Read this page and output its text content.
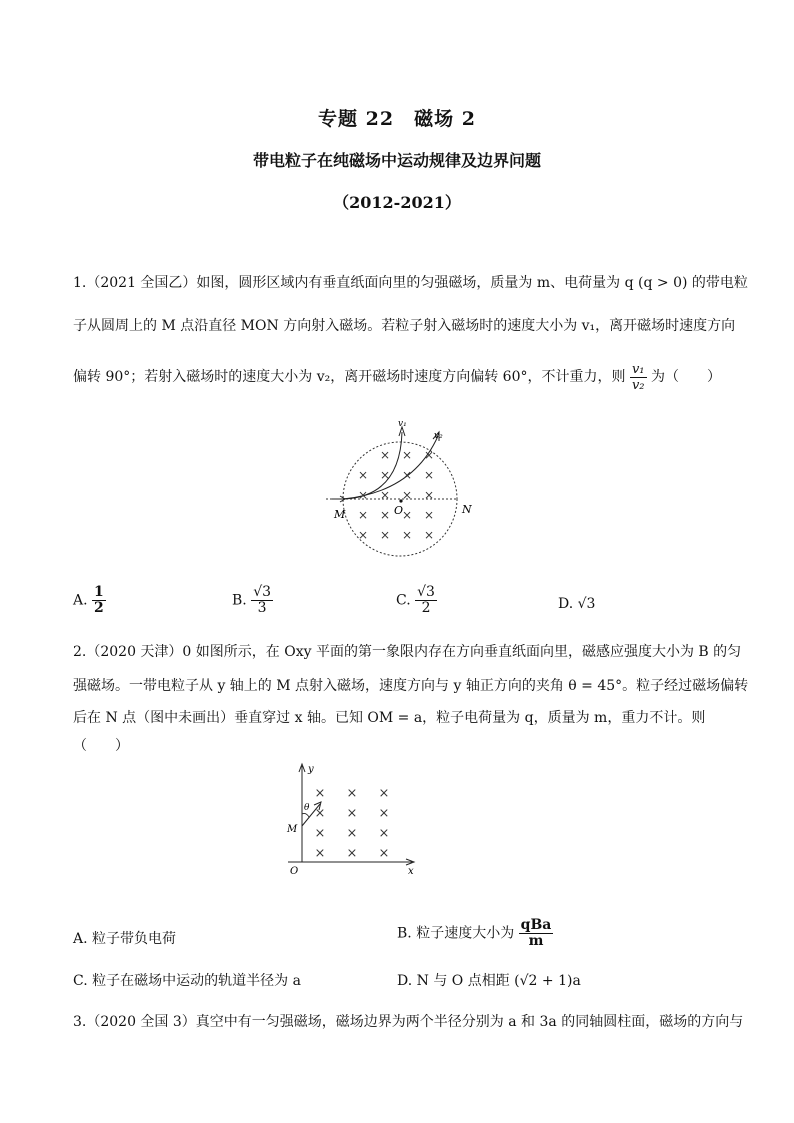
专题 22　磁场 2
带电粒子在纯磁场中运动规律及边界问题
（2012-2021）
1.（2021 全国乙）如图，圆形区域内有垂直纸面向里的匀强磁场，质量为 m、电荷量为 q (q > 0) 的带电粒
子从圆周上的 M 点沿直径 MON 方向射入磁场。若粒子射入磁场时的速度大小为 v₁，离开磁场时速度方向
偏转 90°；若射入磁场时的速度大小为 v₂，离开磁场时速度方向偏转 60°，不计重力，则 $\frac{\text{v₁}}{\text{v₂}}$ 为（　　）
× × ×
× × × ×
× × × ×
× × × ×
× × × ×
M	O	N
v₁
v₂
A. $\frac{1}{2}$	B. $\frac{√3}{3}$	C. $\frac{√3}{2}$	D. √3
2.（2020 天津）0 如图所示，在 Oxy 平面的第一象限内存在方向垂直纸面向里，磁感应强度大小为 B 的匀
强磁场。一带电粒子从 y 轴上的 M 点射入磁场，速度方向与 y 轴正方向的夹角 θ = 45°。粒子经过磁场偏转
后在 N 点（图中未画出）垂直穿过 x 轴。已知 OM = a，粒子电荷量为 q，质量为 m，重力不计。则
（　　）
×
×
×
×
×
×
×
×
×
×
×
×
y
x
O
M
θ
A. 粒子带负电荷	B. 粒子速度大小为 $\frac{\text{qBa}}{m}$
C. 粒子在磁场中运动的轨道半径为 a	D. N 与 O 点相距 (√2 + 1)a
3.（2020 全国 3）真空中有一匀强磁场，磁场边界为两个半径分别为 a 和 3a 的同轴圆柱面，磁场的方向与
